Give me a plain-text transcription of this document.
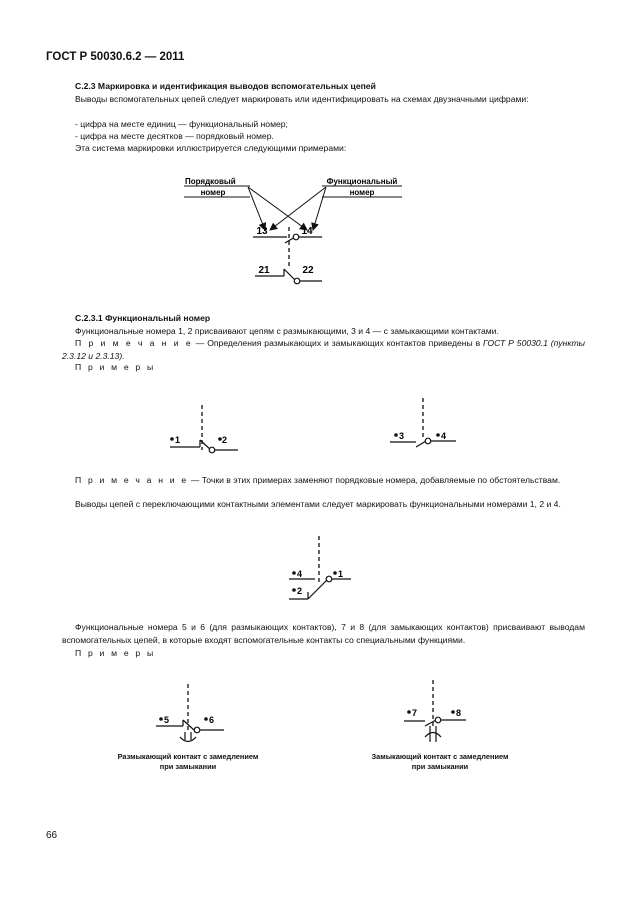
ГОСТ Р 50030.6.2 — 2011
С.2.3 Маркировка и идентификация выводов вспомогательных цепей
Выводы вспомогательных цепей следует маркировать или идентифицировать на схемах двузначными цифрами:
- цифра на месте единиц — функциональный номер;
- цифра на месте десятков — порядковый номер.
Эта система маркировки иллюстрируется следующими примерами:
Порядковый
номер
Функциональный
номер
13	14
21	22
С.2.3.1 Функциональный номер
Функциональные номера 1, 2 присваивают цепям с размыкающими, 3 и 4 — с замыкающими контактами.
П р и м е ч а н и е — Определения размыкающих и замыкающих контактов приведены в ГОСТ Р 50030.1 (пункты 2.3.12 и 2.3.13).
П р и м е р ы
1	2	3	4
П р и м е ч а н и е — Точки в этих примерах заменяют порядковые номера, добавляемые по обстоятельствам.
Выводы цепей с переключающими контактными элементами следует маркировать функциональными номерами 1, 2 и 4.
4	1
2
Функциональные номера 5 и 6 (для размыкающих контактов), 7 и 8 (для замыкающих контактов) присваивают выводам вспомогательных цепей, в которые входят вспомогательные контакты со специальными функциями.
П р и м е р ы
5	6
7	8
Размыкающий контакт с замедлением
при замыкании
Замыкающий контакт с замедлением
при замыкании
66
